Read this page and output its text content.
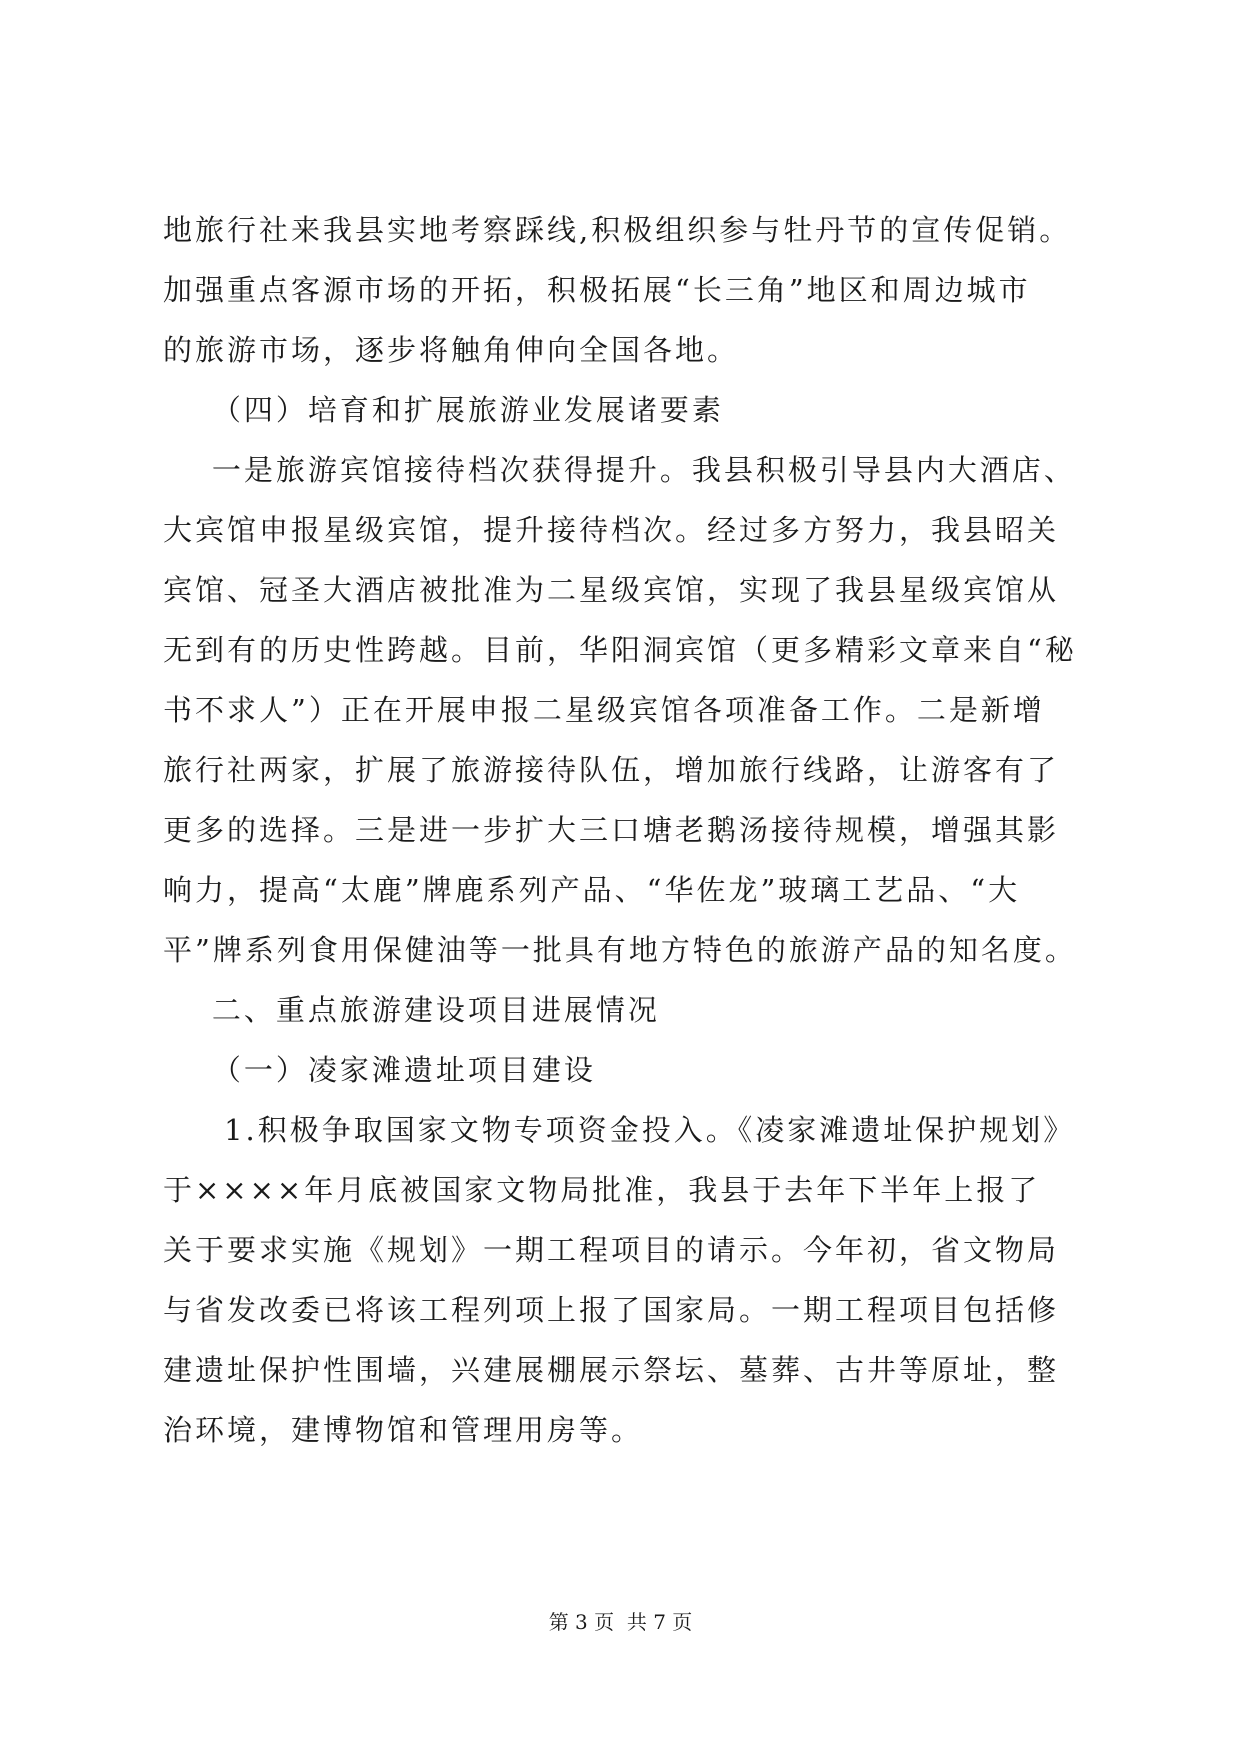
地旅行社来我县实地考察踩线,积极组织参与牡丹节的宣传促销。
加强重点客源市场的开拓，积极拓展“长三角”地区和周边城市
的旅游市场，逐步将触角伸向全国各地。
（四）培育和扩展旅游业发展诸要素
一是旅游宾馆接待档次获得提升。我县积极引导县内大酒店、
大宾馆申报星级宾馆，提升接待档次。经过多方努力，我县昭关
宾馆、冠圣大酒店被批准为二星级宾馆，实现了我县星级宾馆从
无到有的历史性跨越。目前，华阳洞宾馆（更多精彩文章来自“秘
书不求人”）正在开展申报二星级宾馆各项准备工作。二是新增
旅行社两家，扩展了旅游接待队伍，增加旅行线路，让游客有了
更多的选择。三是进一步扩大三口塘老鹅汤接待规模，增强其影
响力，提高“太鹿”牌鹿系列产品、“华佐龙”玻璃工艺品、“大
平”牌系列食用保健油等一批具有地方特色的旅游产品的知名度。
二、重点旅游建设项目进展情况
（一）凌家滩遗址项目建设
1.积极争取国家文物专项资金投入。《凌家滩遗址保护规划》
于××××年月底被国家文物局批准，我县于去年下半年上报了
关于要求实施《规划》一期工程项目的请示。今年初，省文物局
与省发改委已将该工程列项上报了国家局。一期工程项目包括修
建遗址保护性围墙，兴建展棚展示祭坛、墓葬、古井等原址，整
治环境，建博物馆和管理用房等。
第 3 页  共 7 页
